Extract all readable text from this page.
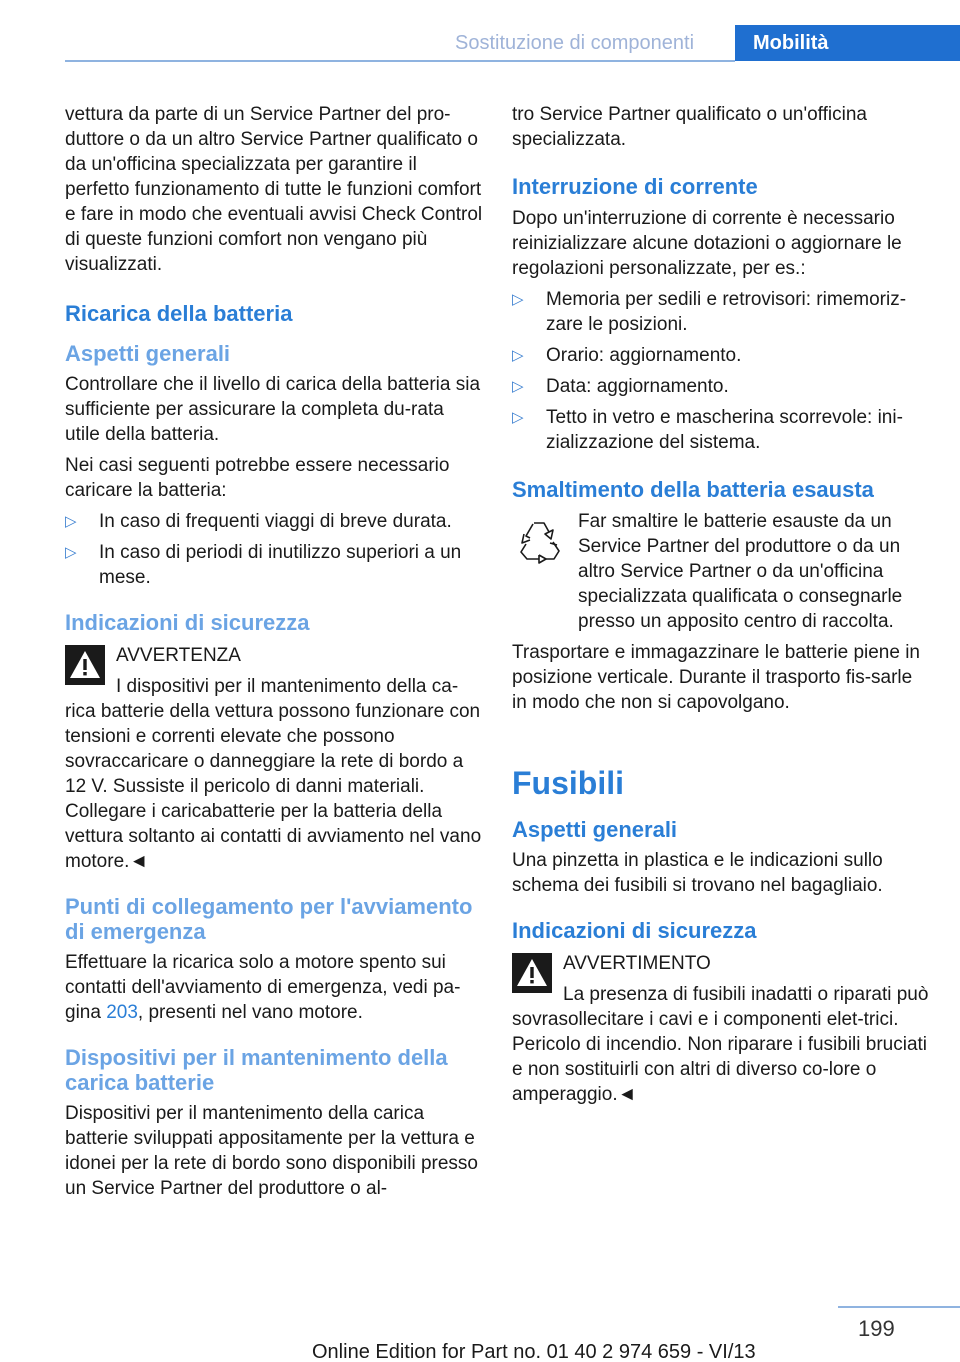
Sostituzione di componenti	Mobilità

vettura da parte di un Service Partner del pro-duttore o da un altro Service Partner qualificato o da un'officina specializzata per garantire il perfetto funzionamento di tutte le funzioni comfort e fare in modo che eventuali avvisi Check Control di queste funzioni comfort non vengano più visualizzati.

Ricarica della batteria
Aspetti generali

Controllare che il livello di carica della batteria sia sufficiente per assicurare la completa du-rata utile della batteria.

Nei casi seguenti potrebbe essere necessario caricare la batteria:

▷ In caso di frequenti viaggi di breve durata.
▷ In caso di periodi di inutilizzo superiori a un mese.
Indicazioni di sicurezza

AVVERTENZA

I dispositivi per il mantenimento della ca-rica batterie della vettura possono funzionare con tensioni e correnti elevate che possono sovraccaricare o danneggiare la rete di bordo a 12 V. Sussiste il pericolo di danni materiali. Collegare i caricabatterie per la batteria della vettura soltanto ai contatti di avviamento nel vano motore.◄

Punti di collegamento per l'avviamento di emergenza

Effettuare la ricarica solo a motore spento sui contatti dell'avviamento di emergenza, vedi pa-gina 203, presenti nel vano motore.

Dispositivi per il mantenimento della carica batterie

Dispositivi per il mantenimento della carica batterie sviluppati appositamente per la vettura e idonei per la rete di bordo sono disponibili presso un Service Partner del produttore o al-

tro Service Partner qualificato o un'officina specializzata.

Interruzione di corrente

Dopo un'interruzione di corrente è necessario reinizializzare alcune dotazioni o aggiornare le regolazioni personalizzate, per es.:

▷ Memoria per sedili e retrovisori: rimemoriz-zare le posizioni.
▷ Orario: aggiornamento.
▷ Data: aggiornamento.
▷ Tetto in vetro e mascherina scorrevole: ini-zializzazione del sistema.
Smaltimento della batteria esausta

Far smaltire le batterie esauste da un Service Partner del produttore o da un altro Service Partner o da un'officina specializzata qualificata o consegnarle presso un apposito centro di raccolta.

Trasportare e immagazzinare le batterie piene in posizione verticale. Durante il trasporto fis-sarle in modo che non si capovolgano.

Fusibili
Aspetti generali

Una pinzetta in plastica e le indicazioni sullo schema dei fusibili si trovano nel bagagliaio.

Indicazioni di sicurezza

AVVERTIMENTO

La presenza di fusibili inadatti o riparati può sovrasollecitare i cavi e i componenti elet-trici. Pericolo di incendio. Non riparare i fusibili bruciati e non sostituirli con altri di diverso co-lore o amperaggio.◄

199
Online Edition for Part no. 01 40 2 974 659 - VI/13
